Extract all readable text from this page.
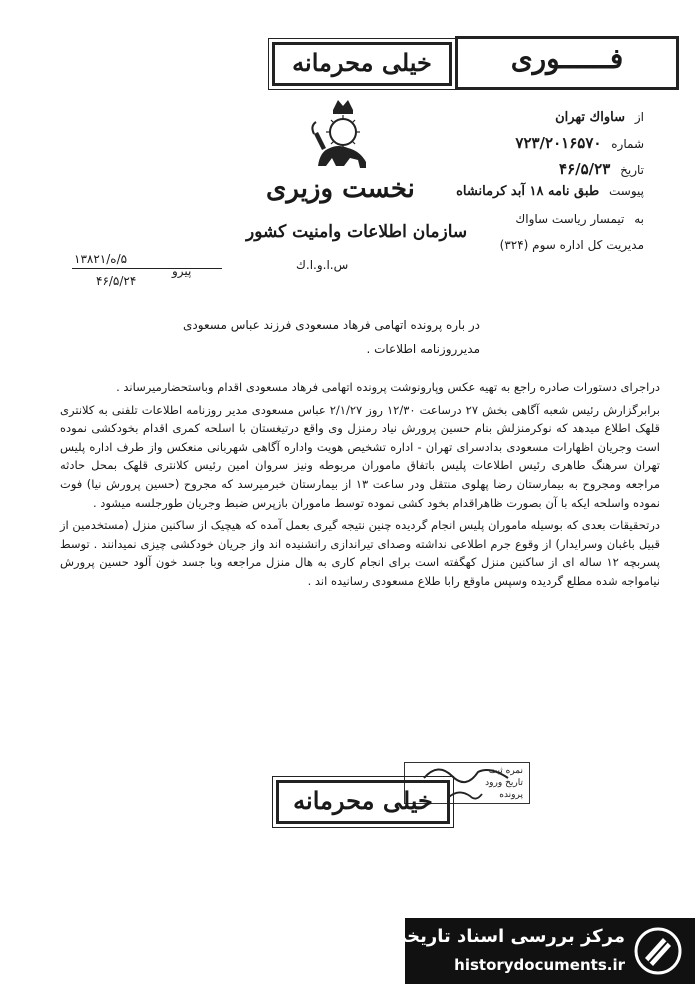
فــــــورى
خیلی محرمانه
از ساواك تهران
شماره ۷۲۳/۲۰۱۶۵۷۰
تاریخ ۴۶/۵/۲۳
پیوست طبق نامه ۱۸ آبد کرمانشاه
به تیمسار ریاست ساواك
مدیریت کل اداره سوم (۳۲۴)
نخست وزیری
سازمان اطلاعات وامنیت کشور
س.ا.و.ا.ك
پیرو
۵/ه/۱۳۸۲۱
۴۶/۵/۲۴
در باره پرونده اتهامی فرهاد مسعودی فرزند عباس مسعودی
مدیرروزنامه اطلاعات .

دراجرای دستورات صادره راجع به تهیه عکس وپارونوشت پرونده اتهامی فرهاد مسعودی اقدام وباستحضارمیرساند .

برابرگزارش رئیس شعبه آگاهی بخش ۲۷ درساعت ۱۲/۳۰ روز ۲/۱/۲۷ عباس مسعودی مدیر روزنامه اطلاعات تلفنی به کلانتری قلهک اطلاع میدهد که نوکرمنزلش بنام حسین پرورش نیاد رمنزل وی واقع درتیغستان با اسلحه کمری اقدام بخودکشی نموده است وجریان اظهارات مسعودی بدادسرای تهران - اداره تشخیص هویت واداره آگاهی شهربانی منعکس واز طرف اداره پلیس تهران سرهنگ طاهری رئیس اطلاعات پلیس باتفاق ماموران مربوطه ونیز سروان امین رئیس کلانتری قلهک بمحل حادثه مراجعه ومجروح به بیمارستان رضا پهلوی منتقل ودر ساعت ۱۳ از بیمارستان خبرمیرسد که مجروح (حسین پرورش نیا) فوت نموده واسلحه ایکه با آن بصورت ظاهراقدام بخود کشی نموده توسط ماموران بازپرس ضبط وجریان طورجلسه میشود .

درتحقیقات بعدی که بوسیله ماموران پلیس انجام گردیده چنین نتیجه گیری بعمل آمده که هیچیک از ساکنین منزل (مستخدمین از قبیل باغبان وسرایدار) از وقوع جرم اطلاعی نداشته وصدای تیراندازی رانشنیده اند واز جریان خودکشی چیزی نمیدانند . توسط پسربچه ۱۲ ساله ای از ساکنین منزل کهگفته است برای انجام کاری به هال منزل مراجعه وبا جسد خون آلود حسین پرورش نیامواجه شده مطلع گردیده وسپس ماوقع رابا طلاع مسعودی رسانیده اند .

نمره ثبت
تاریخ ورود
پرونده
خیلی محرمانه
مرکز بررسی اسناد تاریخی
historydocuments.ir
